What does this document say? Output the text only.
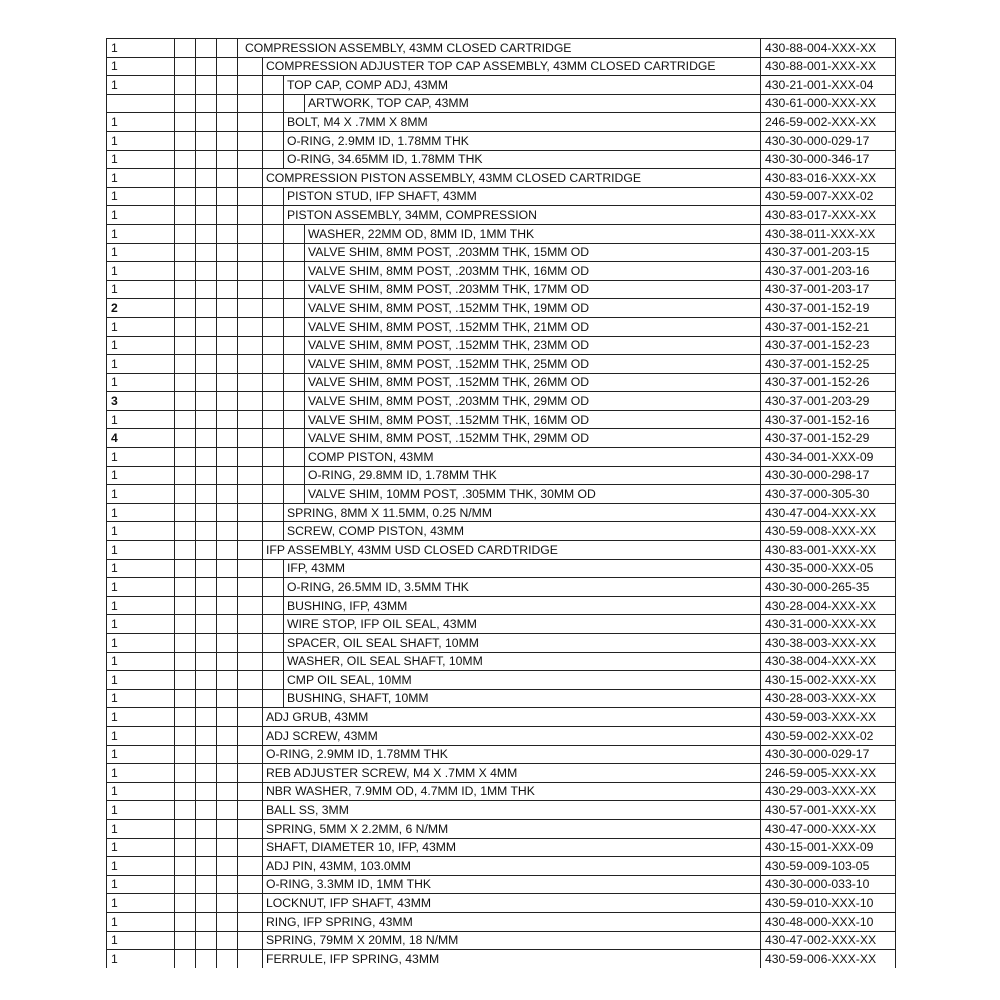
1				COMPRESSION ASSEMBLY, 43MM CLOSED CARTRIDGE	430-88-004-XXX-XX
1				COMPRESSION ADJUSTER TOP CAP ASSEMBLY, 43MM CLOSED CARTRIDGE	430-88-001-XXX-XX
1				TOP CAP, COMP ADJ, 43MM	430-21-001-XXX-04

				ARTWORK, TOP CAP, 43MM	430-61-000-XXX-XX
1				BOLT, M4 X .7MM X 8MM	246-59-002-XXX-XX
1				O-RING, 2.9MM ID, 1.78MM THK	430-30-000-029-17
1				O-RING, 34.65MM ID, 1.78MM THK	430-30-000-346-17
1				COMPRESSION PISTON ASSEMBLY, 43MM CLOSED CARTRIDGE	430-83-016-XXX-XX
1				PISTON STUD, IFP SHAFT, 43MM	430-59-007-XXX-02
1				PISTON ASSEMBLY, 34MM, COMPRESSION	430-83-017-XXX-XX
1				WASHER, 22MM OD, 8MM ID, 1MM THK	430-38-011-XXX-XX
1				VALVE SHIM, 8MM POST, .203MM THK, 15MM OD	430-37-001-203-15
1				VALVE SHIM, 8MM POST, .203MM THK, 16MM OD	430-37-001-203-16
1				VALVE SHIM, 8MM POST, .203MM THK, 17MM OD	430-37-001-203-17
2				VALVE SHIM, 8MM POST, .152MM THK, 19MM OD	430-37-001-152-19
1				VALVE SHIM, 8MM POST, .152MM THK, 21MM OD	430-37-001-152-21
1				VALVE SHIM, 8MM POST, .152MM THK, 23MM OD	430-37-001-152-23
1				VALVE SHIM, 8MM POST, .152MM THK, 25MM OD	430-37-001-152-25
1				VALVE SHIM, 8MM POST, .152MM THK, 26MM OD	430-37-001-152-26
3				VALVE SHIM, 8MM POST, .203MM THK, 29MM OD	430-37-001-203-29
1				VALVE SHIM, 8MM POST, .152MM THK, 16MM OD	430-37-001-152-16
4				VALVE SHIM, 8MM POST, .152MM THK, 29MM OD	430-37-001-152-29
1				COMP PISTON, 43MM	430-34-001-XXX-09
1				O-RING, 29.8MM ID, 1.78MM THK	430-30-000-298-17
1				VALVE SHIM, 10MM POST, .305MM THK, 30MM OD	430-37-000-305-30
1				SPRING, 8MM X 11.5MM, 0.25 N/MM	430-47-004-XXX-XX
1				SCREW, COMP PISTON, 43MM	430-59-008-XXX-XX
1				IFP ASSEMBLY, 43MM USD CLOSED CARDTRIDGE	430-83-001-XXX-XX
1				IFP, 43MM	430-35-000-XXX-05
1				O-RING, 26.5MM ID, 3.5MM THK	430-30-000-265-35
1				BUSHING, IFP, 43MM	430-28-004-XXX-XX
1				WIRE STOP, IFP OIL SEAL, 43MM	430-31-000-XXX-XX
1				SPACER, OIL SEAL SHAFT, 10MM	430-38-003-XXX-XX
1				WASHER, OIL SEAL SHAFT, 10MM	430-38-004-XXX-XX
1				CMP OIL SEAL, 10MM	430-15-002-XXX-XX
1				BUSHING, SHAFT, 10MM	430-28-003-XXX-XX
1				ADJ GRUB, 43MM	430-59-003-XXX-XX
1				ADJ SCREW, 43MM	430-59-002-XXX-02
1				O-RING, 2.9MM ID, 1.78MM THK	430-30-000-029-17
1				REB ADJUSTER SCREW, M4 X .7MM X 4MM	246-59-005-XXX-XX
1				NBR WASHER, 7.9MM OD, 4.7MM ID, 1MM THK	430-29-003-XXX-XX
1				BALL SS, 3MM	430-57-001-XXX-XX
1				SPRING, 5MM X 2.2MM, 6 N/MM	430-47-000-XXX-XX
1				SHAFT, DIAMETER 10, IFP, 43MM	430-15-001-XXX-09
1				ADJ PIN, 43MM, 103.0MM	430-59-009-103-05
1				O-RING, 3.3MM ID, 1MM THK	430-30-000-033-10
1				LOCKNUT, IFP SHAFT, 43MM	430-59-010-XXX-10
1				RING, IFP SPRING, 43MM	430-48-000-XXX-10
1				SPRING, 79MM X 20MM, 18 N/MM	430-47-002-XXX-XX
1				FERRULE, IFP SPRING, 43MM	430-59-006-XXX-XX
